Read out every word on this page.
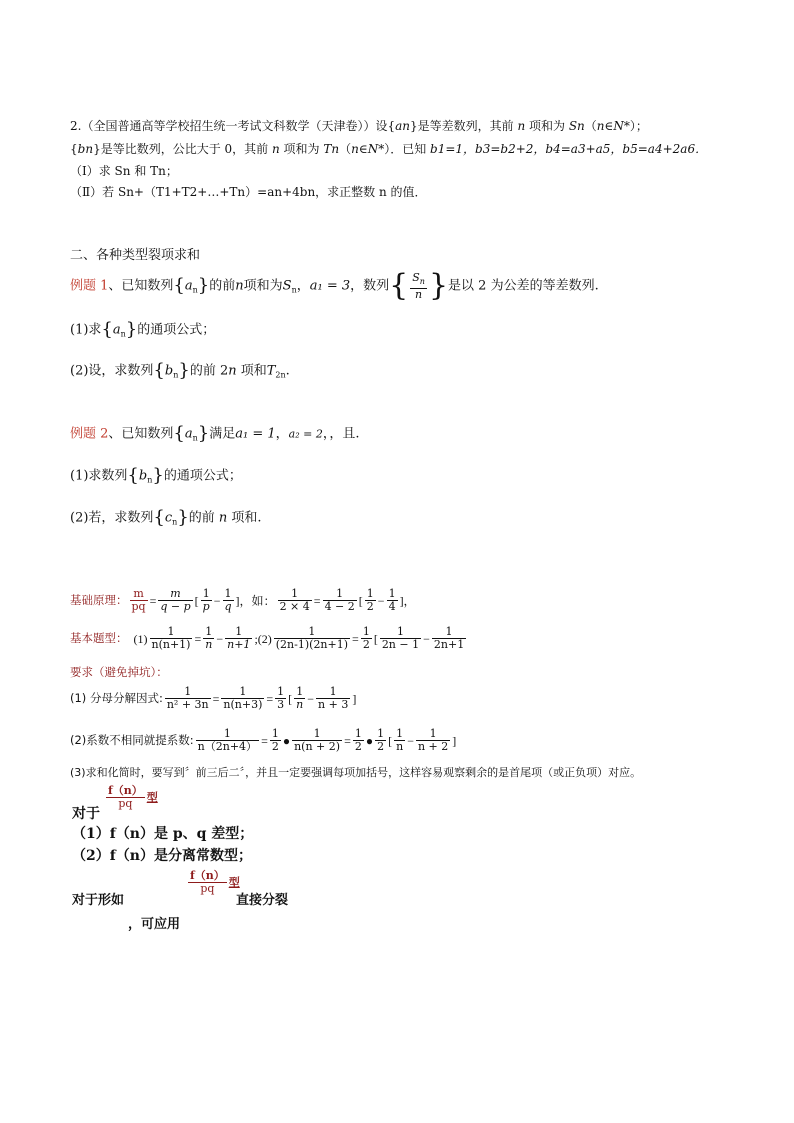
2.（全国普通高等学校招生统一考试文科数学（天津卷））设{an}是等差数列，其前 n 项和为 Sn（n∈N*）；
{bn}是等比数列，公比大于 0，其前 n 项和为 Tn（n∈N*）．已知 b1=1，b3=b2+2，b4=a3+a5，b5=a4+2a6．
（Ⅰ）求 Sn 和 Tn；
（Ⅱ）若 Sn+（T1+T2+…+Tn）=an+4bn，求正整数 n 的值．
二、各种类型裂项求和
例题 1、已知数列$\{a_n\}$的前n项和为$S_n$，a₁ = 3，数列{ $\frac{S_n}{n}$ }是以 2 为公差的等差数列.
(1)求$\{a_n\}$的通项公式；
(2)设，求数列$\{b_n\}$的前 2n 项和$T_{2n}$.
例题 2、已知数列$\{a_n\}$满足a₁ = 1，a₂ = 2，，且.
(1)求数列$\{b_n\}$的通项公式；
(2)若，求数列$\{c_n\}$的前 n 项和.
基础原理： $\frac{m}{pq} = \frac{m}{q - p}$ [ $\frac{1}{p} - \frac{1}{q}$ ]，如： $\frac{1}{2 \times 4} = \frac{1}{4 - 2}$ [ $\frac{1}{2} - \frac{1}{4}$ ]，
基本题型： $(1) \frac{1}{n(n+1)} = \frac{1}{n} - \frac{1}{n+1}$ ;(2) $\frac{1}{(2n-1)(2n+1)} = \frac{1}{2}$ [ $\frac{1}{2n - 1} - \frac{1}{2n+1}$
要求（避免掉坑）：
(1) 分母分解因式: $\frac{1}{\text{n² + 3n}} = \frac{1}{n(n+3)} = \frac{1}{3}$ [ $\frac{1}{n} - \frac{1}{n + 3}$ ]
(2)系数不相同就提系数: $\frac{1}{n(2n+4)} = \frac{1}{2}$ ● $\frac{1}{n(n + 2)} = \frac{1}{2}$ ● $\frac{1}{2}$ [ $\frac{1}{n} - \frac{1}{n + 2}$ ]
(3)求和化简时，要写到〞前三后二〞，并且一定要强调每项加括号，这样容易观察剩余的是首尾项（或正负项）对应。
$\frac{f(n)}{pq}$ 型
对于
（1）f（n）是 p、q 差型；
（2）f（n）是分离常数型；
对于形如
$\frac{f(n)}{pq}$ 型
直接分裂
，可应用
